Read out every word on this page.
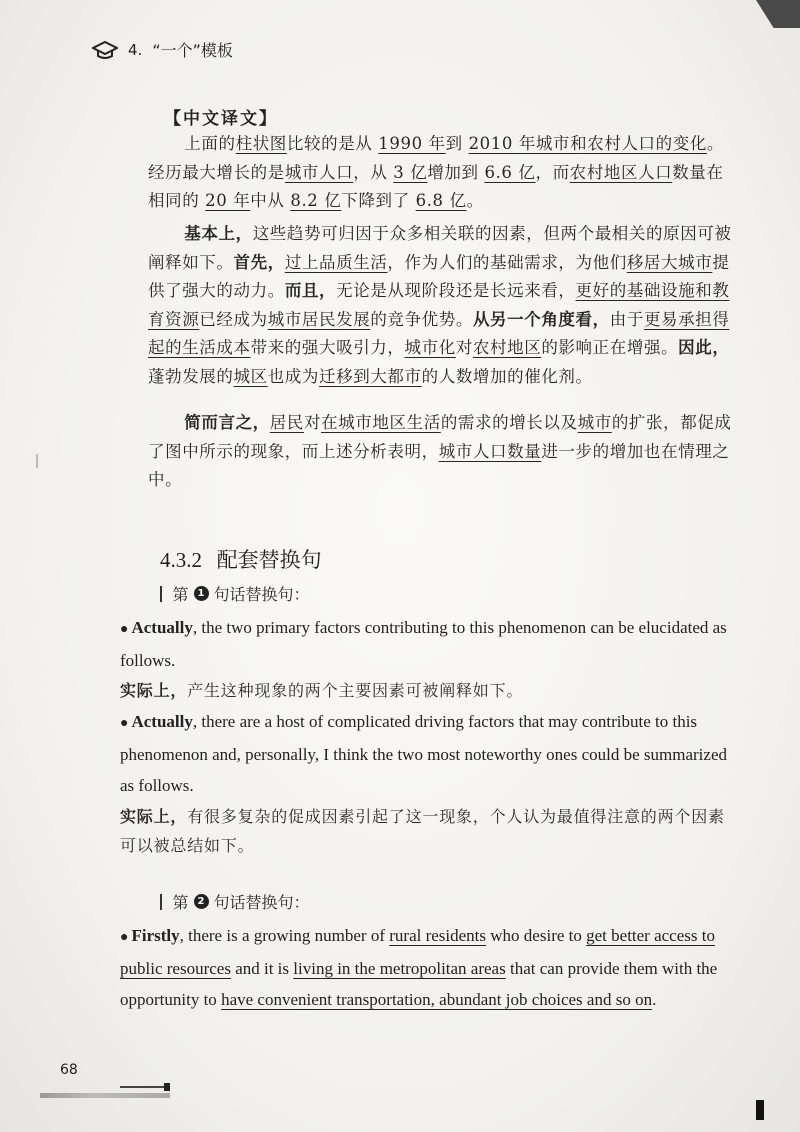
4. “一个”模板
【中文译文】
上面的柱状图比较的是从 1990 年到 2010 年城市和农村人口的变化。经历最大增长的是城市人口，从 3 亿增加到 6.6 亿，而农村地区人口数量在相同的 20 年中从 8.2 亿下降到了 6.8 亿。
基本上，这些趋势可归因于众多相关联的因素，但两个最相关的原因可被阐释如下。首先，过上品质生活，作为人们的基础需求，为他们移居大城市提供了强大的动力。而且，无论是从现阶段还是长远来看，更好的基础设施和教育资源已经成为城市居民发展的竞争优势。从另一个角度看，由于更易承担得起的生活成本带来的强大吸引力，城市化对农村地区的影响正在增强。因此，蓬勃发展的城区也成为迁移到大都市的人数增加的催化剂。
简而言之，居民对在城市地区生活的需求的增长以及城市的扩张，都促成了图中所示的现象，而上述分析表明，城市人口数量进一步的增加也在情理之中。
4.3.2 配套替换句
第 1 句话替换句：
● Actually, the two primary factors contributing to this phenomenon can be elucidated as follows.
实际上，产生这种现象的两个主要因素可被阐释如下。
● Actually, there are a host of complicated driving factors that may contribute to this phenomenon and, personally, I think the two most noteworthy ones could be summarized as follows.
实际上，有很多复杂的促成因素引起了这一现象，个人认为最值得注意的两个因素可以被总结如下。
第 2 句话替换句：
● Firstly, there is a growing number of rural residents who desire to get better access to public resources and it is living in the metropolitan areas that can provide them with the opportunity to have convenient transportation, abundant job choices and so on.
68
